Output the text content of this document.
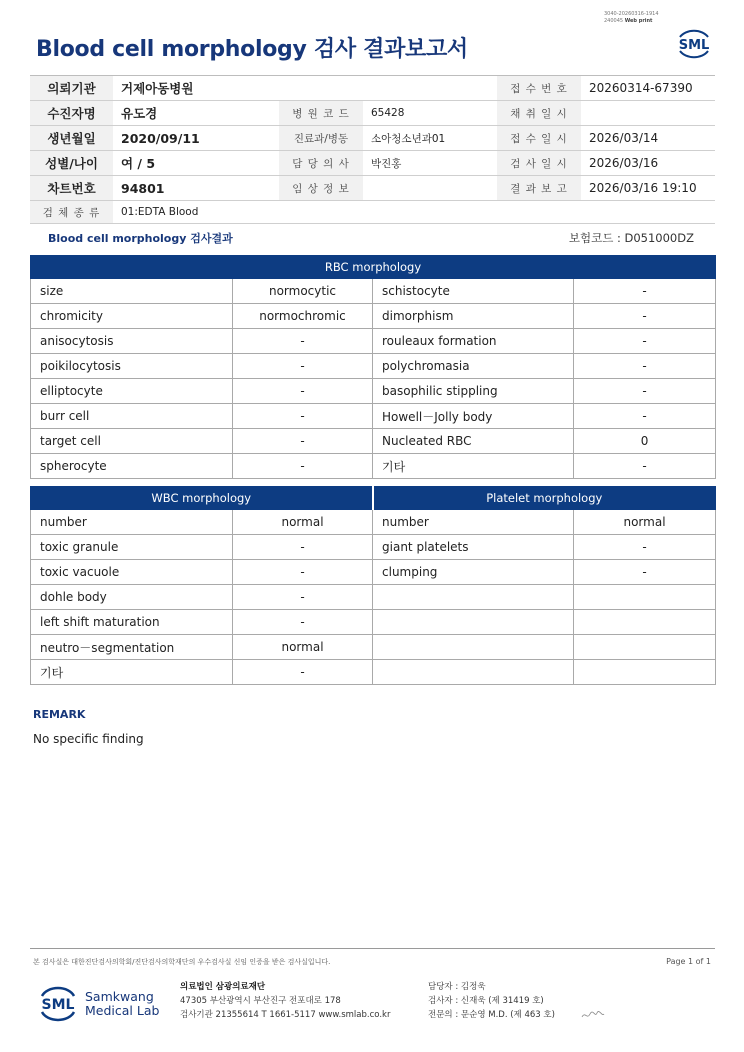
3040-20260316-1914
240045 Web print
Blood cell morphology 검사 결과보고서	SML
의뢰기관	거제아동병원			접 수 번 호	20260314-67390
수진자명	유도경	병 원 코 드	65428	채 취 일 시	
생년월일	2020/09/11	진료과/병동	소아청소년과01	접 수 일 시	2026/03/14
성별/나이	여 / 5	담 당 의 사	박진홍	검 사 일 시	2026/03/16
차트번호	94801	임 상 정 보		결 과 보 고	2026/03/16 19:10
검 체 종 류	01:EDTA Blood				
Blood cell morphology 검사결과	보험코드 : D051000DZ
RBC morphology			
size	normocytic	schistocyte	-
chromicity	normochromic	dimorphism	-
anisocytosis	-	rouleaux formation	-
poikilocytosis	-	polychromasia	-
elliptocyte	-	basophilic stippling	-
burr cell	-	Howell－Jolly body	-
target cell	-	Nucleated RBC	0
spherocyte	-	기타	-
WBC morphology		Platelet morphology	
number	normal	number	normal
toxic granule	-	giant platelets	-
toxic vacuole	-	clumping	-
dohle body	-		
left shift maturation	-		
neutro－segmentation	normal		
기타	-		
REMARK
No specific finding
본 검사실은 대한진단검사의학회/진단검사의학재단의 우수검사실 신임 인증을 받은 검사실입니다.	Page 1 of 1
SML
Samkwang
Medical Lab
의료법인 삼광의료재단
47305 부산광역시 부산진구 전포대로 178
검사기관 21355614 T 1661-5117 www.smlab.co.kr
담당자 : 김정욱
검사자 : 신재욱 (제 31419 호)
전문의 : 문순영 M.D. (제 463 호)
